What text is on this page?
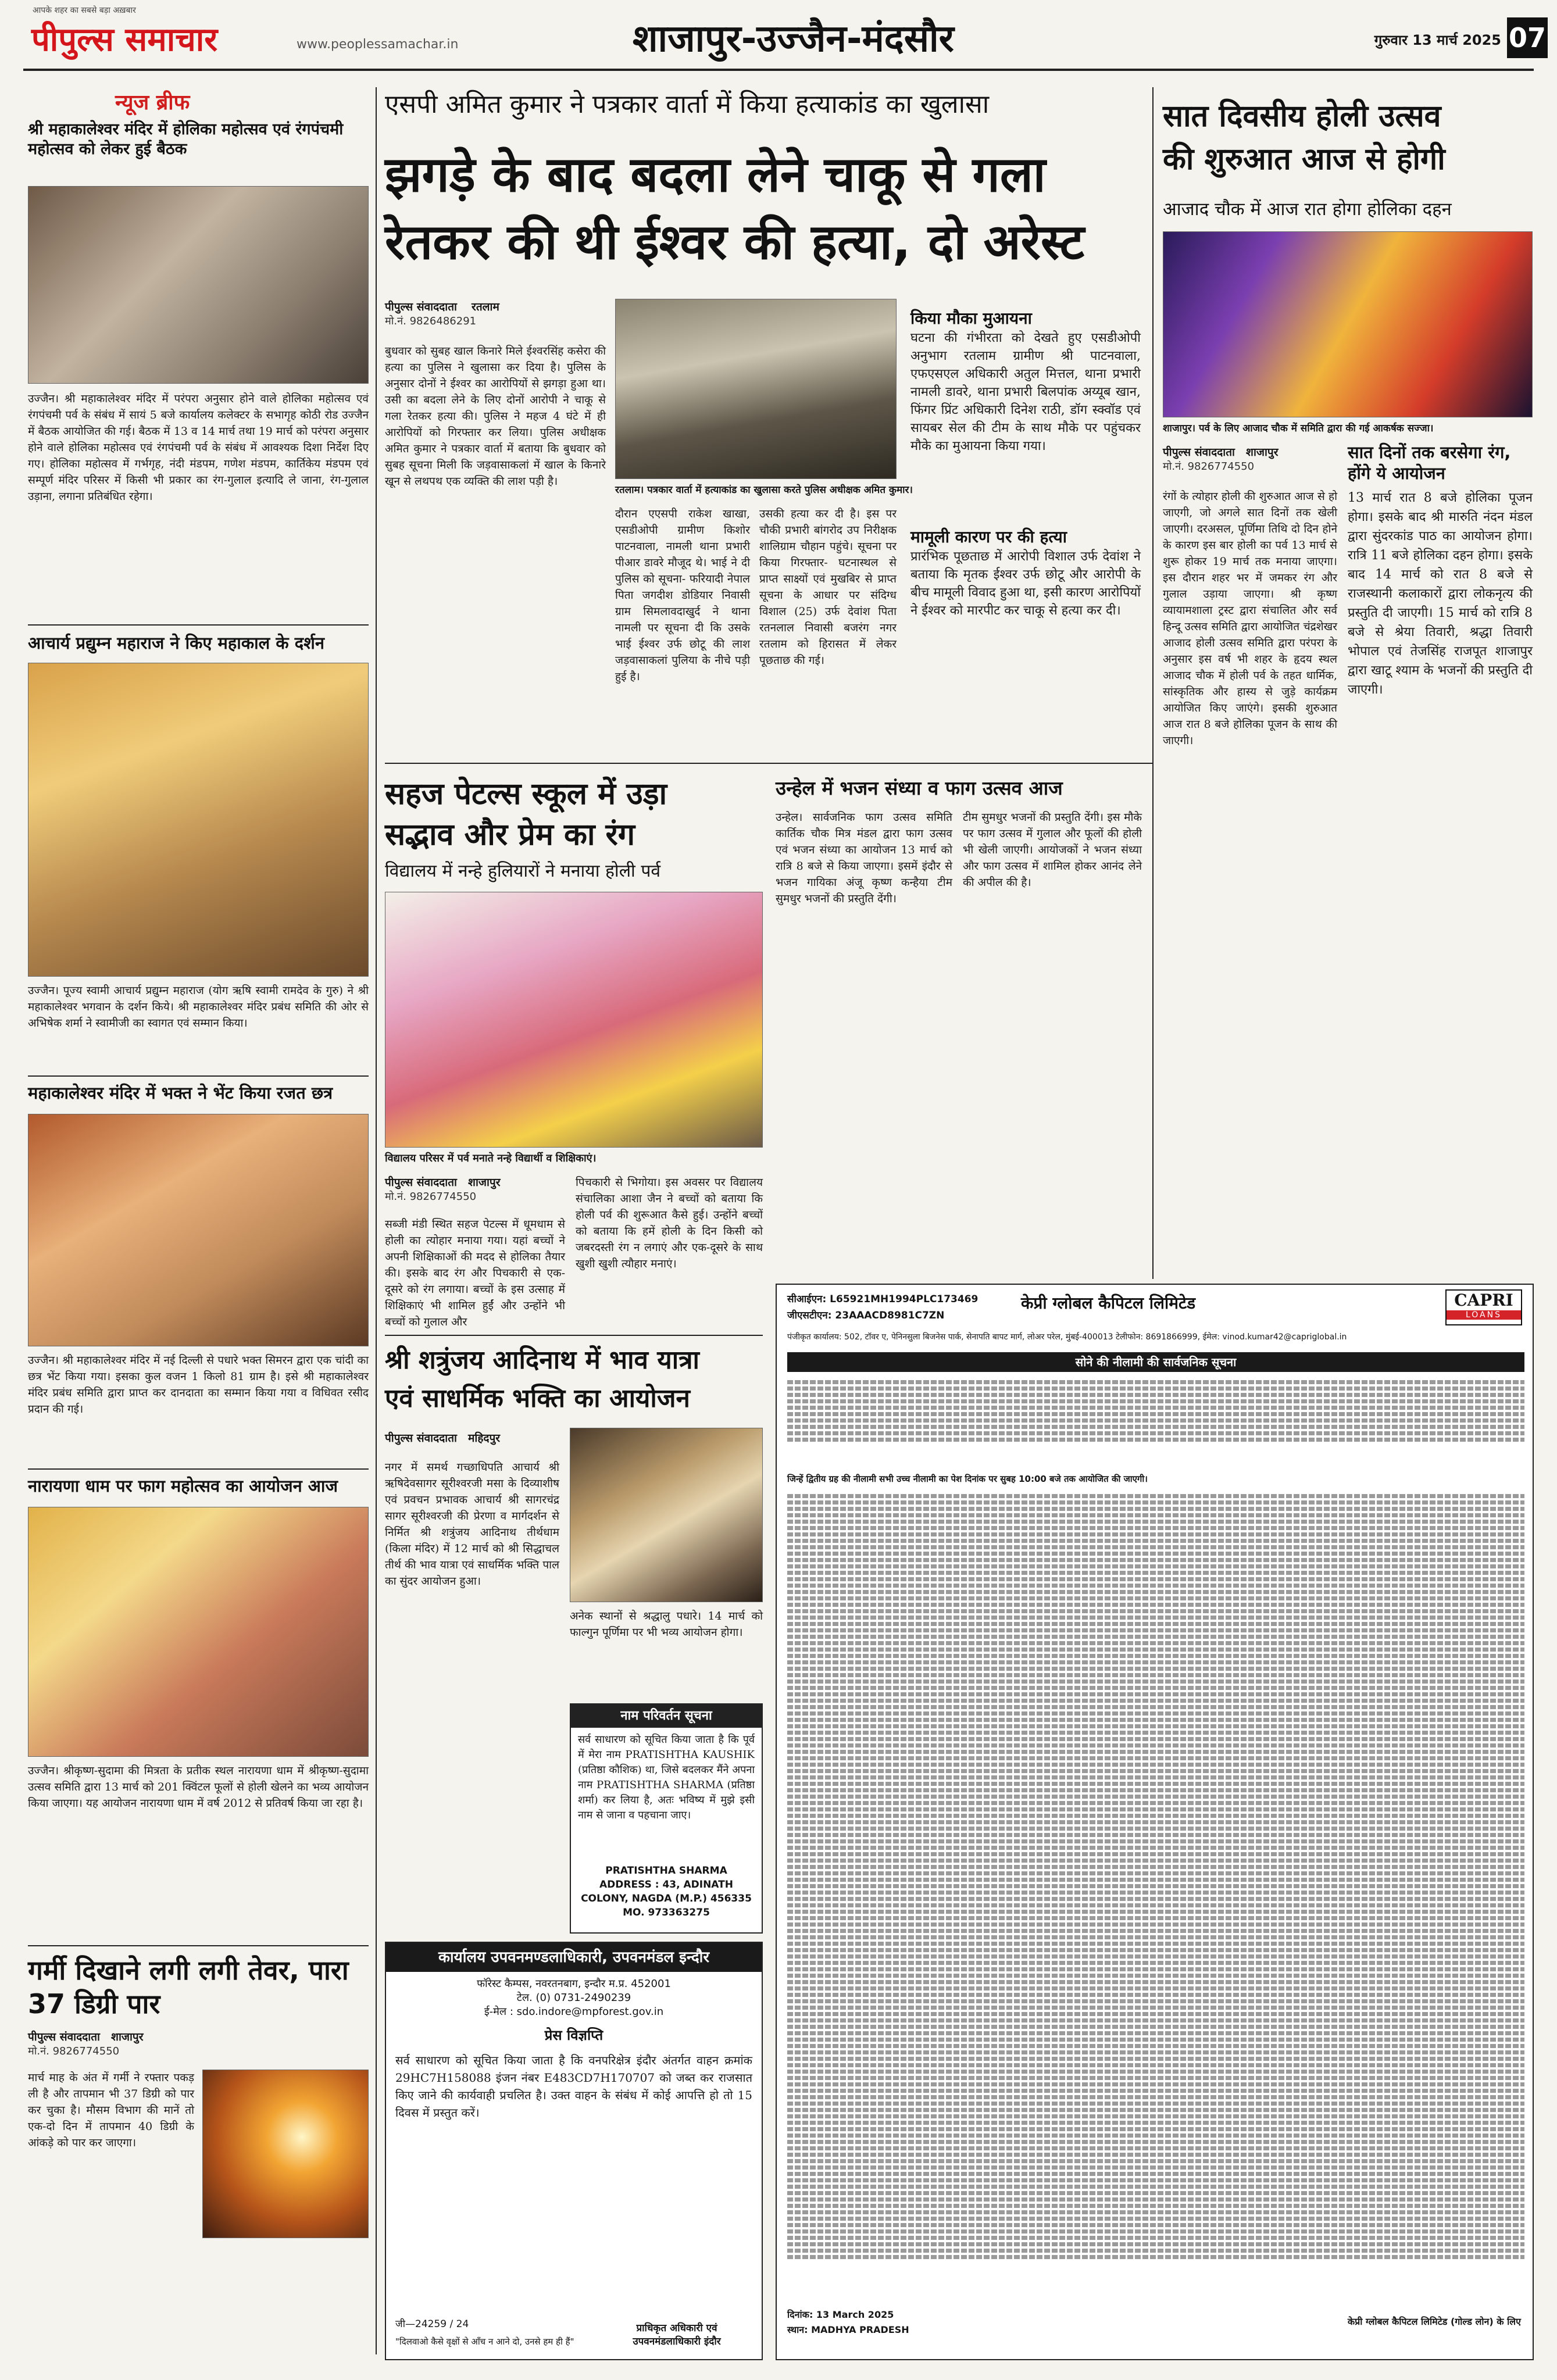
पीपुल्स समाचार
आपके शहर का सबसे बड़ा अख़बार
www.peoplessamachar.in	शाजापुर-उज्जैन-मंदसौर	गुरुवार 13 मार्च 2025 07
न्यूज ब्रीफ
श्री महाकालेश्वर मंदिर में होलिका महोत्सव एवं रंगपंचमी महोत्सव को लेकर हुई बैठक
उज्जैन। श्री महाकालेश्वर मंदिर में परंपरा अनुसार होने वाले होलिका महोत्सव एवं रंगपंचमी पर्व के संबंध में सायं 5 बजे कार्यालय कलेक्टर के सभागृह कोठी रोड उज्जैन में बैठक आयोजित की गई। बैठक में 13 व 14 मार्च तथा 19 मार्च को परंपरा अनुसार होने वाले होलिका महोत्सव एवं रंगपंचमी पर्व के संबंध में आवश्यक दिशा निर्देश दिए गए। होलिका महोत्सव में गर्भगृह, नंदी मंडपम, गणेश मंडपम, कार्तिकेय मंडपम एवं सम्पूर्ण मंदिर परिसर में किसी भी प्रकार का रंग-गुलाल इत्यादि ले जाना, रंग-गुलाल उड़ाना, लगाना प्रतिबंधित रहेगा।
आचार्य प्रद्युम्न महाराज ने किए महाकाल के दर्शन
उज्जैन। पूज्य स्वामी आचार्य प्रद्युम्न महाराज (योग ऋषि स्वामी रामदेव के गुरु) ने श्री महाकालेश्वर भगवान के दर्शन किये। श्री महाकालेश्वर मंदिर प्रबंध समिति की ओर से अभिषेक शर्मा ने स्वामीजी का स्वागत एवं सम्मान किया।
महाकालेश्वर मंदिर में भक्त ने भेंट किया रजत छत्र
उज्जैन। श्री महाकालेश्वर मंदिर में नई दिल्ली से पधारे भक्त सिमरन द्वारा एक चांदी का छत्र भेंट किया गया। इसका कुल वजन 1 किलो 81 ग्राम है। इसे श्री महाकालेश्वर मंदिर प्रबंध समिति द्वारा प्राप्त कर दानदाता का सम्मान किया गया व विधिवत रसीद प्रदान की गई।
नारायणा धाम पर फाग महोत्सव का आयोजन आज
उज्जैन। श्रीकृष्ण-सुदामा की मित्रता के प्रतीक स्थल नारायणा धाम में श्रीकृष्ण-सुदामा उत्सव समिति द्वारा 13 मार्च को 201 क्विंटल फूलों से होली खेलने का भव्य आयोजन किया जाएगा। यह आयोजन नारायणा धाम में वर्ष 2012 से प्रतिवर्ष किया जा रहा है।
गर्मी दिखाने लगी लगी तेवर, पारा 37 डिग्री पार
पीपुल्स संवाददाता शाजापुर
मो.नं. 9826774550
मार्च माह के अंत में गर्मी ने रफ्तार पकड़ ली है और तापमान भी 37 डिग्री को पार कर चुका है। मौसम विभाग की मानें तो एक-दो दिन में तापमान 40 डिग्री के आंकड़े को पार कर जाएगा।
एसपी अमित कुमार ने पत्रकार वार्ता में किया हत्याकांड का खुलासा
झगड़े के बाद बदला लेने चाकू से गला
रेतकर की थी ईश्वर की हत्या, दो अरेस्ट
पीपुल्स संवाददाता रतलाम
मो.नं. 9826486291
रतलाम। पत्रकार वार्ता में हत्याकांड का खुलासा करते पुलिस अधीक्षक अमित कुमार।
बुधवार को सुबह खाल किनारे मिले ईश्वरसिंह कसेरा की हत्या का पुलिस ने खुलासा कर दिया है। पुलिस के अनुसार दोनों ने ईश्वर का आरोपियों से झगड़ा हुआ था। उसी का बदला लेने के लिए दोनों आरोपी ने चाकू से गला रेतकर हत्या की। पुलिस ने महज 4 घंटे में ही आरोपियों को गिरफ्तार कर लिया। पुलिस अधीक्षक अमित कुमार ने पत्रकार वार्ता में बताया कि बुधवार को सुबह सूचना मिली कि जड़वासाकलां में खाल के किनारे खून से लथपथ एक व्यक्ति की लाश पड़ी है।
दौरान एएसपी राकेश खाखा, एसडीओपी ग्रामीण किशोर पाटनवाला, नामली थाना प्रभारी पीआर डावरे मौजूद थे। भाई ने दी पुलिस को सूचना- फरियादी नेपाल पिता जगदीश डोडियार निवासी ग्राम सिमलावदाखुर्द ने थाना नामली पर सूचना दी कि उसके भाई ईश्वर उर्फ छोटू की लाश जड़वासाकलां पुलिया के नीचे पड़ी हुई है।
उसकी हत्या कर दी है। इस पर चौकी प्रभारी बांगरोद उप निरीक्षक शालिग्राम चौहान पहुंचे। सूचना पर किया गिरफ्तार- घटनास्थल से प्राप्त साक्ष्यों एवं मुखबिर से प्राप्त सूचना के आधार पर संदिग्ध विशाल (25) उर्फ देवांश पिता रतनलाल निवासी बजरंग नगर रतलाम को हिरासत में लेकर पूछताछ की गई।
किया मौका मुआयना
घटना की गंभीरता को देखते हुए एसडीओपी अनुभाग रतलाम ग्रामीण श्री पाटनवाला, एफएसएल अधिकारी अतुल मित्तल, थाना प्रभारी नामली डावरे, थाना प्रभारी बिलपांक अय्यूब खान, फिंगर प्रिंट अधिकारी दिनेश राठी, डॉग स्क्वॉड एवं सायबर सेल की टीम के साथ मौके पर पहुंचकर मौके का मुआयना किया गया।
मामूली कारण पर की हत्या
प्रारंभिक पूछताछ में आरोपी विशाल उर्फ देवांश ने बताया कि मृतक ईश्वर उर्फ छोटू और आरोपी के बीच मामूली विवाद हुआ था, इसी कारण आरोपियों ने ईश्वर को मारपीट कर चाकू से हत्या कर दी।
सात दिवसीय होली उत्सव
की शुरुआत आज से होगी
आजाद चौक में आज रात होगा होलिका दहन
शाजापुर। पर्व के लिए आजाद चौक में समिति द्वारा की गई आकर्षक सज्जा।
पीपुल्स संवाददाता शाजापुर
मो.नं. 9826774550
रंगों के त्योहार होली की शुरुआत आज से हो जाएगी, जो अगले सात दिनों तक खेली जाएगी। दरअसल, पूर्णिमा तिथि दो दिन होने के कारण इस बार होली का पर्व 13 मार्च से शुरू होकर 19 मार्च तक मनाया जाएगा। इस दौरान शहर भर में जमकर रंग और गुलाल उड़ाया जाएगा। श्री कृष्ण व्यायामशाला ट्रस्ट द्वारा संचालित और सर्व हिन्दू उत्सव समिति द्वारा आयोजित चंद्रशेखर आजाद होली उत्सव समिति द्वारा परंपरा के अनुसार इस वर्ष भी शहर के हृदय स्थल आजाद चौक में होली पर्व के तहत धार्मिक, सांस्कृतिक और हास्य से जुड़े कार्यक्रम आयोजित किए जाएंगे। इसकी शुरुआत आज रात 8 बजे होलिका पूजन के साथ की जाएगी।
सात दिनों तक बरसेगा रंग, होंगे ये आयोजन
13 मार्च रात 8 बजे होलिका पूजन होगा। इसके बाद श्री मारुति नंदन मंडल द्वारा सुंदरकांड पाठ का आयोजन होगा। रात्रि 11 बजे होलिका दहन होगा। इसके बाद 14 मार्च को रात 8 बजे से राजस्थानी कलाकारों द्वारा लोकनृत्य की प्रस्तुति दी जाएगी। 15 मार्च को रात्रि 8 बजे से श्रेया तिवारी, श्रद्धा तिवारी भोपाल एवं तेजसिंह राजपूत शाजापुर द्वारा खाटू श्याम के भजनों की प्रस्तुति दी जाएगी।
सहज पेटल्स स्कूल में उड़ा
सद्भाव और प्रेम का रंग
विद्यालय में नन्हे हुलियारों ने मनाया होली पर्व
विद्यालय परिसर में पर्व मनाते नन्हे विद्यार्थी व शिक्षिकाएं।
पीपुल्स संवाददाता शाजापुर
मो.नं. 9826774550
सब्जी मंडी स्थित सहज पेटल्स में धूमधाम से होली का त्योहार मनाया गया। यहां बच्चों ने अपनी शिक्षिकाओं की मदद से होलिका तैयार की। इसके बाद रंग और पिचकारी से एक-दूसरे को रंग लगाया। बच्चों के इस उत्साह में शिक्षिकाएं भी शामिल हुईं और उन्होंने भी बच्चों को गुलाल और
पिचकारी से भिगोया। इस अवसर पर विद्यालय संचालिका आशा जैन ने बच्चों को बताया कि होली पर्व की शुरूआत कैसे हुई। उन्होंने बच्चों को बताया कि हमें होली के दिन किसी को जबरदस्ती रंग न लगाएं और एक-दूसरे के साथ खुशी खुशी त्यौहार मनाएं।
उन्हेल में भजन संध्या व फाग उत्सव आज
उन्हेल। सार्वजनिक फाग उत्सव समिति कार्तिक चौक मित्र मंडल द्वारा फाग उत्सव एवं भजन संध्या का आयोजन 13 मार्च को रात्रि 8 बजे से किया जाएगा। इसमें इंदौर से भजन गायिका अंजू कृष्ण कन्हैया टीम सुमधुर भजनों की प्रस्तुति देंगी।
टीम सुमधुर भजनों की प्रस्तुति देंगी। इस मौके पर फाग उत्सव में गुलाल और फूलों की होली भी खेली जाएगी। आयोजकों ने भजन संध्या और फाग उत्सव में शामिल होकर आनंद लेने की अपील की है।
श्री शत्रुंजय आदिनाथ में भाव यात्रा
एवं साधर्मिक भक्ति का आयोजन
पीपुल्स संवाददाता महिदपुर
नगर में समर्थ गच्छाधिपति आचार्य श्री ऋषिदेवसागर सूरीश्वरजी मसा के दिव्याशीष एवं प्रवचन प्रभावक आचार्य श्री सागरचंद्र सागर सूरीश्वरजी की प्रेरणा व मार्गदर्शन से निर्मित श्री शत्रुंजय आदिनाथ तीर्थधाम (किला मंदिर) में 12 मार्च को श्री सिद्धाचल तीर्थ की भाव यात्रा एवं साधर्मिक भक्ति पाल का सुंदर आयोजन हुआ।
अनेक स्थानों से श्रद्धालु पधारे। 14 मार्च को फाल्गुन पूर्णिमा पर भी भव्य आयोजन होगा।
नाम परिवर्तन सूचना
सर्व साधारण को सूचित किया जाता है कि पूर्व में मेरा नाम PRATISHTHA KAUSHIK (प्रतिष्ठा कौशिक) था, जिसे बदलकर मैंने अपना नाम PRATISHTHA SHARMA (प्रतिष्ठा शर्मा) कर लिया है, अतः भविष्य में मुझे इसी नाम से जाना व पहचाना जाए।
PRATISHTHA SHARMA ADDRESS : 43, ADINATH COLONY, NAGDA (M.P.) 456335 MO. 973363275
कार्यालय उपवनमण्डलाधिकारी, उपवनमंडल इन्दौर
फॉरेस्ट कैम्पस, नवरतनबाग, इन्दौर म.प्र. 452001
टेल. (0) 0731-2490239
ई-मेल : sdo.indore@mpforest.gov.in
प्रेस विज्ञप्ति
सर्व साधारण को सूचित किया जाता है कि वनपरिक्षेत्र इंदौर अंतर्गत वाहन क्रमांक 29HC7H158088 इंजन नंबर E483CD7H170707 को जब्त कर राजसात किए जाने की कार्यवाही प्रचलित है। उक्त वाहन के संबंध में कोई आपत्ति हो तो 15 दिवस में प्रस्तुत करें।
जी—24259 / 24
"दिलवाओ कैसे वृक्षों से आँच न आने दो, उनसे हम ही हैं"
प्राधिकृत अधिकारी एवं उपवनमंडलाधिकारी इंदौर
सीआईएन: L65921MH1994PLC173469
जीएसटीएन: 23AAACD8981C7ZN
केप्री ग्लोबल कैपिटल लिमिटेड	CAPRI
LOANS
पंजीकृत कार्यालय: 502, टॉवर ए, पेनिनसुला बिजनेस पार्क, सेनापति बापट मार्ग, लोअर परेल, मुंबई-400013 टेलीफोन: 8691866999, ईमेल: vinod.kumar42@capriglobal.in
सोने की नीलामी की सार्वजनिक सूचना
जिन्हें द्वितीय ग्रह की नीलामी सभी उच्च नीलामी का पेश दिनांक पर सुबह 10:00 बजे तक आयोजित की जाएगी।
दिनांक: 13 March 2025
स्थान: MADHYA PRADESH
केप्री ग्लोबल कैपिटल लिमिटेड (गोल्ड लोन) के लिए
